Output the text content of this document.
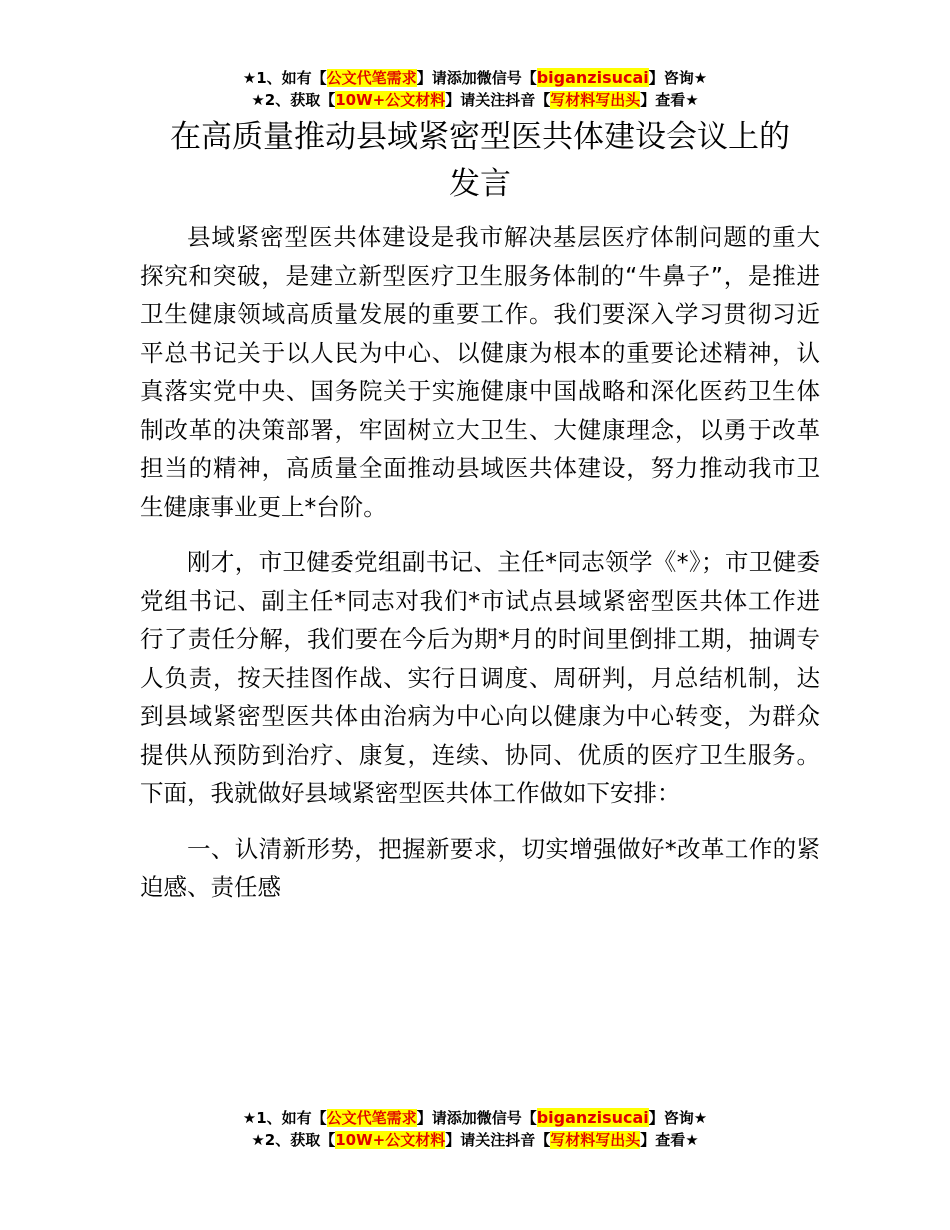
★1、如有【公文代笔需求】请添加微信号【biganzisucai】咨询★
★2、获取【10W+公文材料】请关注抖音【写材料写出头】查看★
在高质量推动县域紧密型医共体建设会议上的
发言

县域紧密型医共体建设是我市解决基层医疗体制问题的重大探究和突破，是建立新型医疗卫生服务体制的“牛鼻子”，是推进卫生健康领域高质量发展的重要工作。我们要深入学习贯彻习近平总书记关于以人民为中心、以健康为根本的重要论述精神，认真落实党中央、国务院关于实施健康中国战略和深化医药卫生体制改革的决策部署，牢固树立大卫生、大健康理念，以勇于改革担当的精神，高质量全面推动县域医共体建设，努力推动我市卫生健康事业更上*台阶。

刚才，市卫健委党组副书记、主任*同志领学《*》；市卫健委党组书记、副主任*同志对我们*市试点县域紧密型医共体工作进行了责任分解，我们要在今后为期*月的时间里倒排工期，抽调专人负责，按天挂图作战、实行日调度、周研判，月总结机制，达到县域紧密型医共体由治病为中心向以健康为中心转变，为群众提供从预防到治疗、康复，连续、协同、优质的医疗卫生服务。下面，我就做好县域紧密型医共体工作做如下安排：

一、认清新形势，把握新要求，切实增强做好*改革工作的紧迫感、责任感

★1、如有【公文代笔需求】请添加微信号【biganzisucai】咨询★
★2、获取【10W+公文材料】请关注抖音【写材料写出头】查看★
